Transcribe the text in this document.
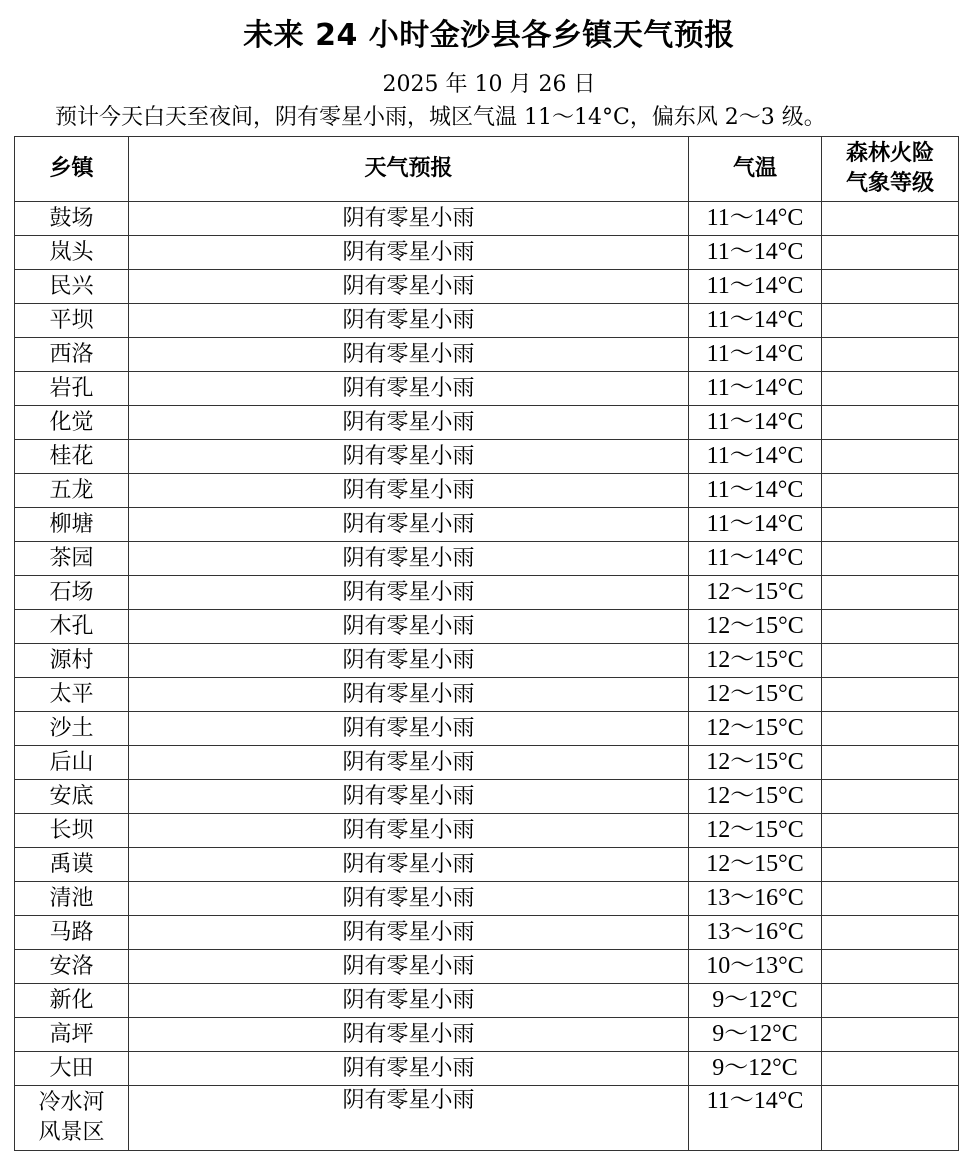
未来 24 小时金沙县各乡镇天气预报
2025 年 10 月 26 日
预计今天白天至夜间，阴有零星小雨，城区气温 11～14°C，偏东风 2～3 级。
乡镇	天气预报	气温	森林火险
气象等级

鼓场	阴有零星小雨	11～14°C	
岚头	阴有零星小雨	11～14°C	
民兴	阴有零星小雨	11～14°C	
平坝	阴有零星小雨	11～14°C	
西洛	阴有零星小雨	11～14°C	
岩孔	阴有零星小雨	11～14°C	
化觉	阴有零星小雨	11～14°C	
桂花	阴有零星小雨	11～14°C	
五龙	阴有零星小雨	11～14°C	
柳塘	阴有零星小雨	11～14°C	
茶园	阴有零星小雨	11～14°C	
石场	阴有零星小雨	12～15°C	
木孔	阴有零星小雨	12～15°C	
源村	阴有零星小雨	12～15°C	
太平	阴有零星小雨	12～15°C	
沙土	阴有零星小雨	12～15°C	
后山	阴有零星小雨	12～15°C	
安底	阴有零星小雨	12～15°C	
长坝	阴有零星小雨	12～15°C	
禹谟	阴有零星小雨	12～15°C	
清池	阴有零星小雨	13～16°C	
马路	阴有零星小雨	13～16°C	
安洛	阴有零星小雨	10～13°C	
新化	阴有零星小雨	9～12°C	
高坪	阴有零星小雨	9～12°C	
大田	阴有零星小雨	9～12°C	

冷水河
风景区	阴有零星小雨	11～14°C	
